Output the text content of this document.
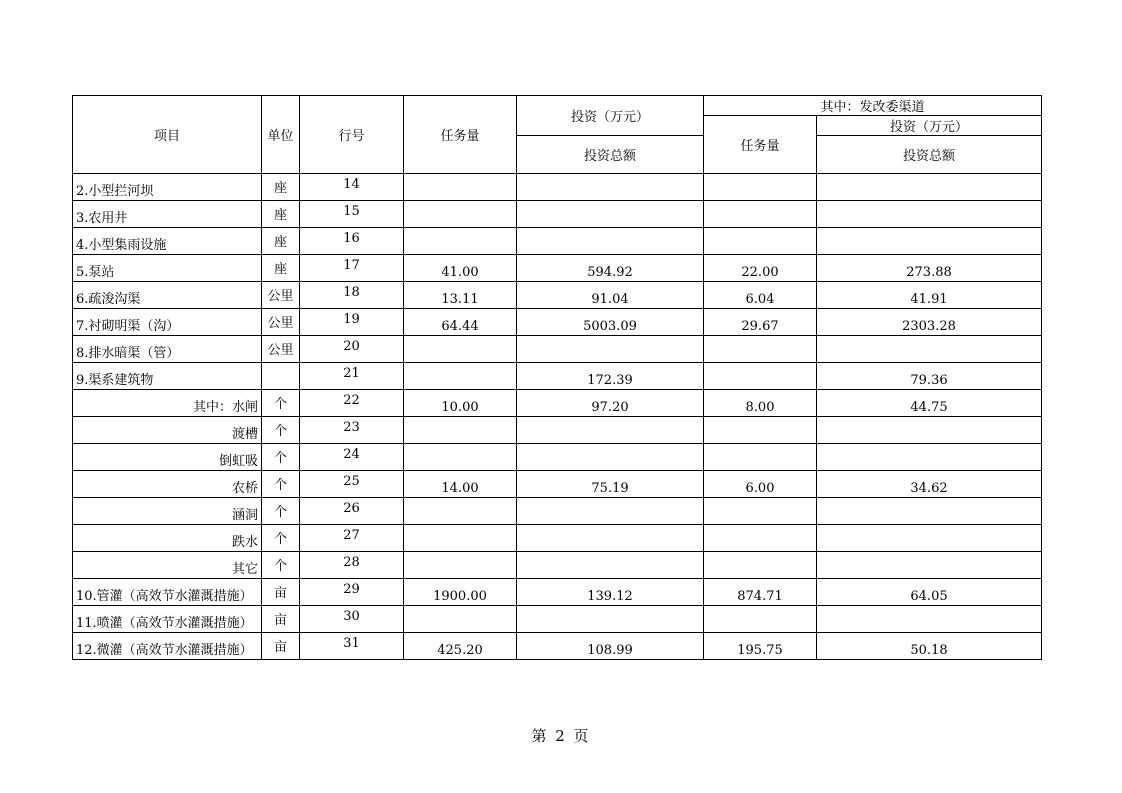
项目	单位	行号	任务量	投资（万元）	其中：发改委渠道	
					任务量	投资（万元）
				投资总额		投资总额

2.小型拦河坝	座	14				
3.农用井	座	15				
4.小型集雨设施	座	16				
5.泵站	座	17	41.00	594.92	22.00	273.88
6.疏浚沟渠	公里	18	13.11	91.04	6.04	41.91
7.衬砌明渠（沟）	公里	19	64.44	5003.09	29.67	2303.28
8.排水暗渠（管）	公里	20				
9.渠系建筑物		21		172.39		79.36
其中：水闸	个	22	10.00	97.20	8.00	44.75
渡槽	个	23				
倒虹吸	个	24				
农桥	个	25	14.00	75.19	6.00	34.62
涵洞	个	26				
跌水	个	27				
其它	个	28				
10.管灌（高效节水灌溉措施）	亩	29	1900.00	139.12	874.71	64.05
11.喷灌（高效节水灌溉措施）	亩	30				
12.微灌（高效节水灌溉措施）	亩	31	425.20	108.99	195.75	50.18
第 2 页
